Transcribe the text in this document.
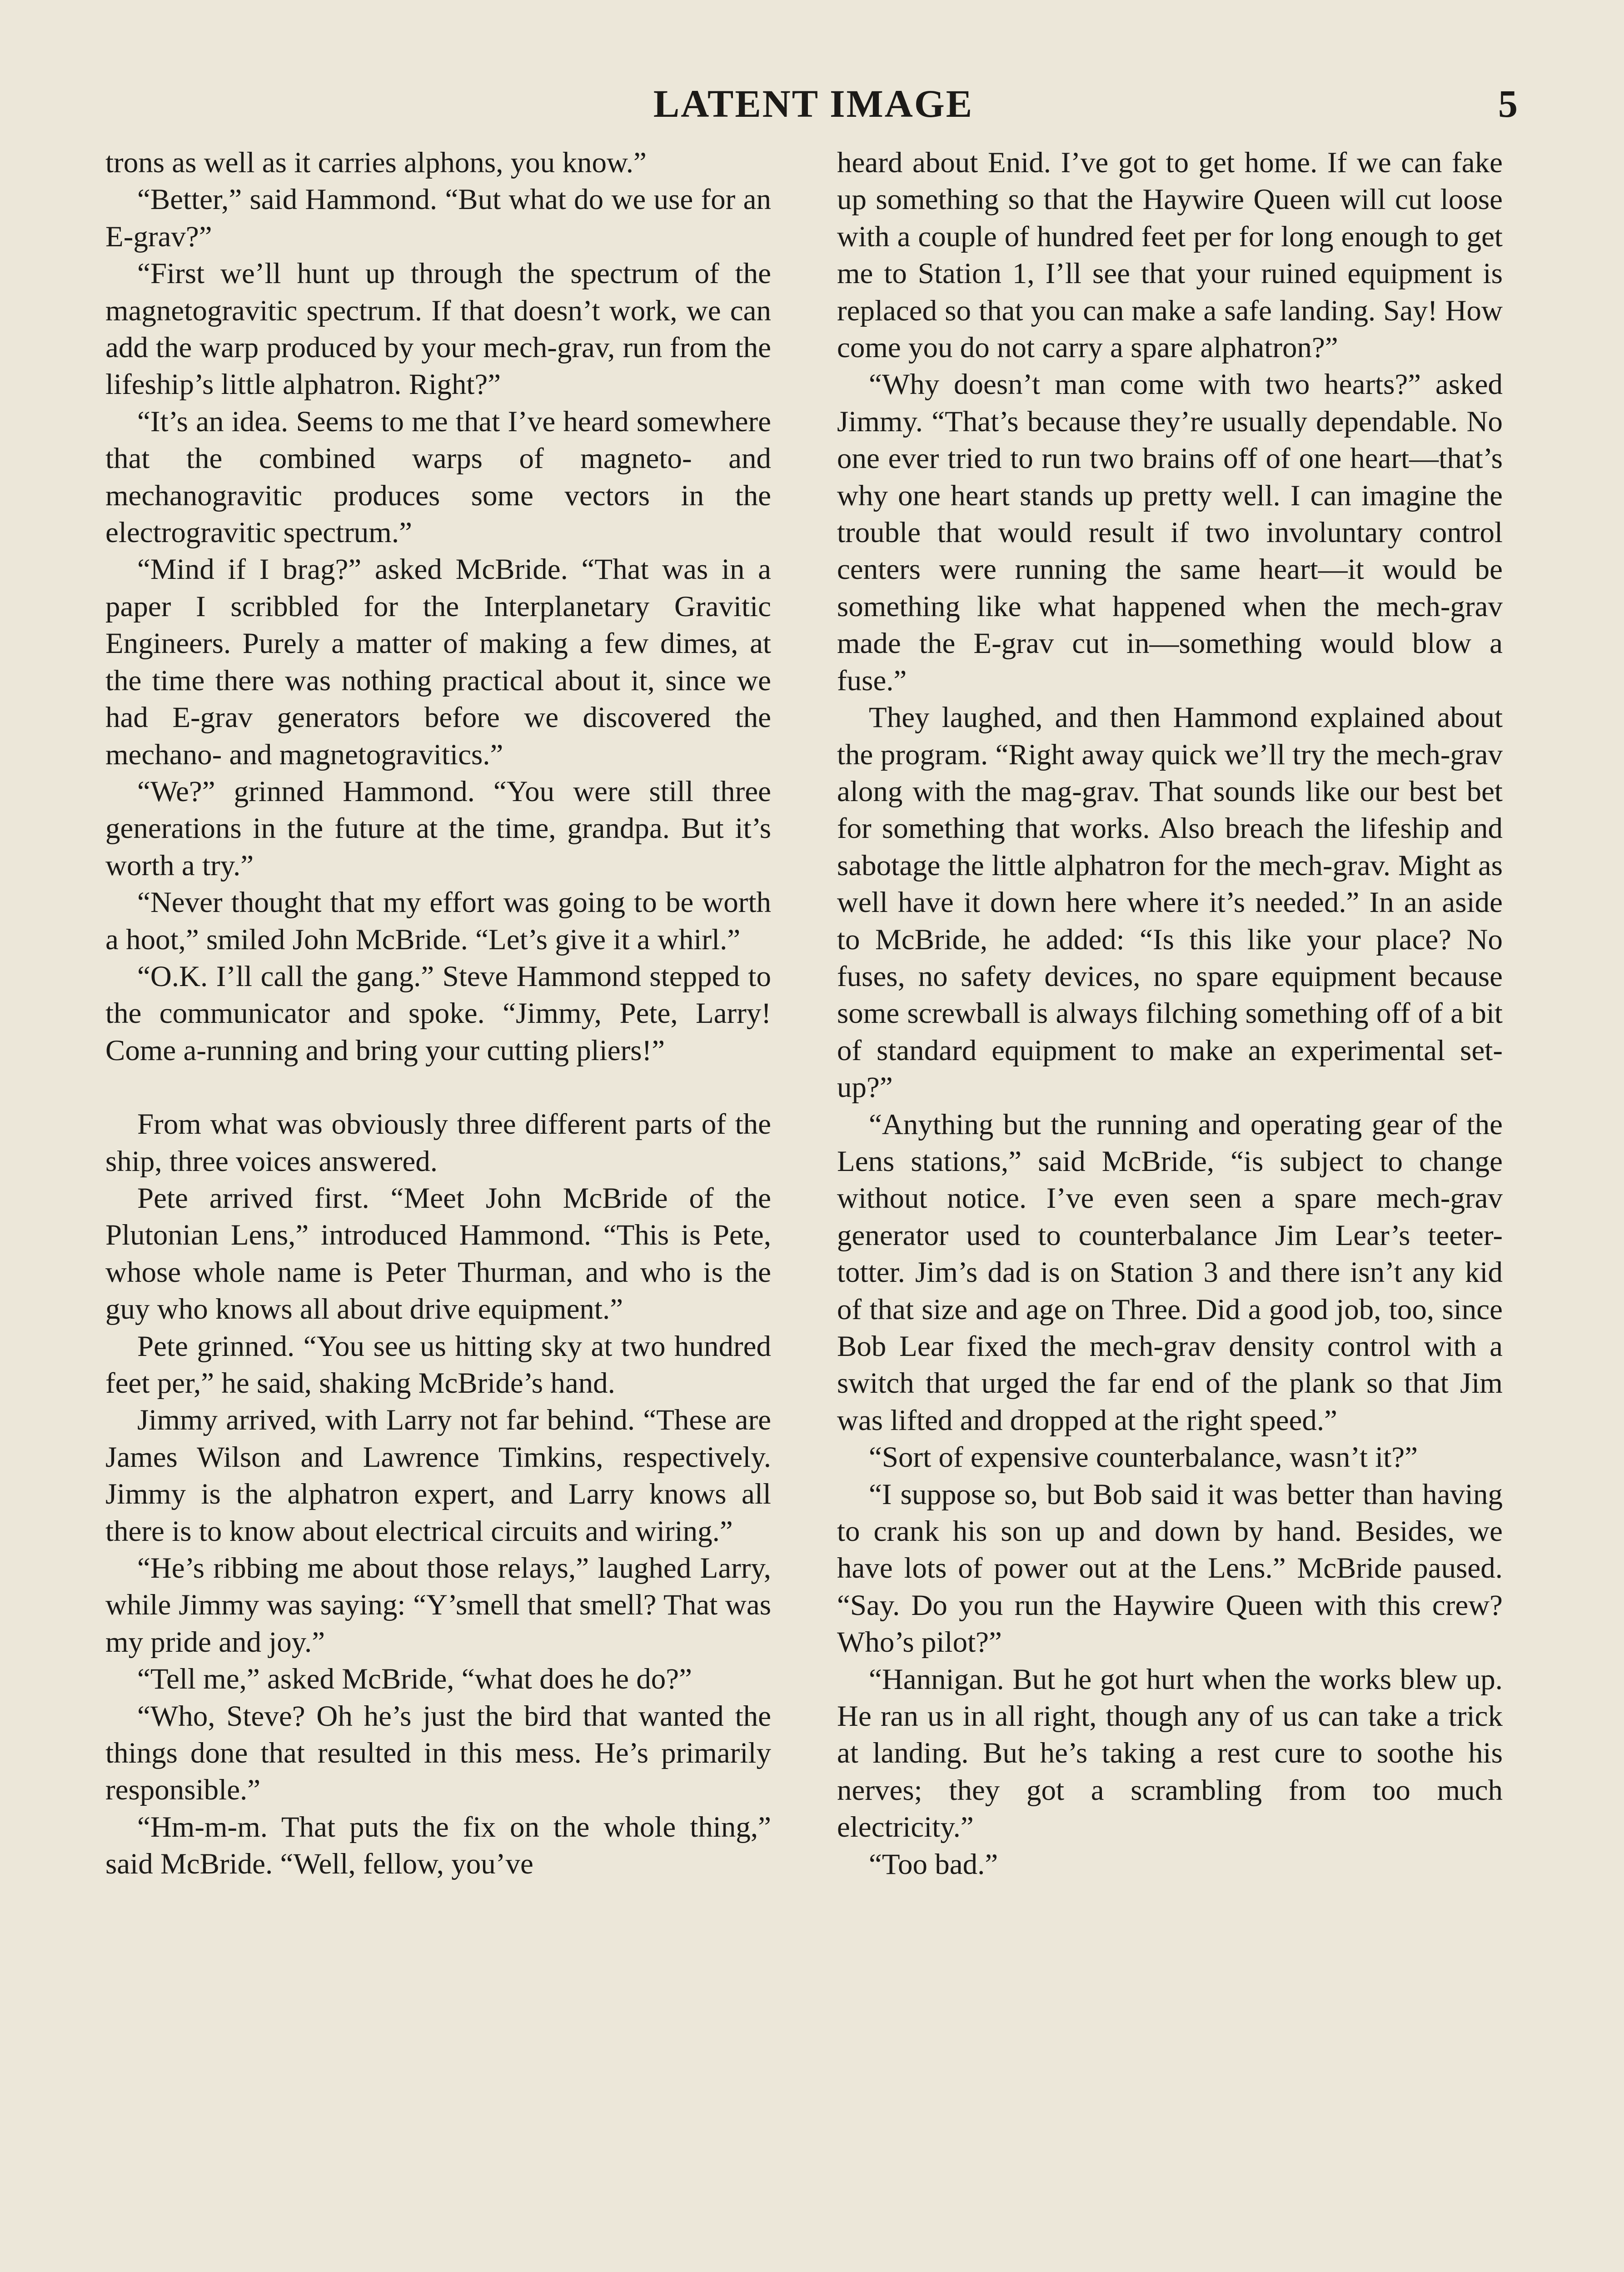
LATENT IMAGE	5

trons as well as it carries alphons, you know.”

“Better,” said Hammond. “But what do we use for an E-grav?”

“First we’ll hunt up through the spectrum of the magnetogravitic spectrum. If that doesn’t work, we can add the warp produced by your mech-grav, run from the lifeship’s little alphatron. Right?”

“It’s an idea. Seems to me that I’ve heard somewhere that the combined warps of magneto- and mechanogravitic produces some vectors in the electrogravitic spectrum.”

“Mind if I brag?” asked McBride. “That was in a paper I scribbled for the Interplanetary Gravitic Engineers. Purely a matter of making a few dimes, at the time there was nothing practical about it, since we had E-grav generators before we discovered the mechano- and magnetogravitics.”

“We?” grinned Hammond. “You were still three generations in the future at the time, grandpa. But it’s worth a try.”

“Never thought that my effort was going to be worth a hoot,” smiled John McBride. “Let’s give it a whirl.”

“O.K. I’ll call the gang.” Steve Hammond stepped to the communicator and spoke. “Jimmy, Pete, Larry! Come a-running and bring your cutting pliers!”

From what was obviously three different parts of the ship, three voices answered.

Pete arrived first. “Meet John McBride of the Plutonian Lens,” introduced Hammond. “This is Pete, whose whole name is Peter Thurman, and who is the guy who knows all about drive equipment.”

Pete grinned. “You see us hitting sky at two hundred feet per,” he said, shaking McBride’s hand.

Jimmy arrived, with Larry not far behind. “These are James Wilson and Lawrence Timkins, respectively. Jimmy is the alphatron expert, and Larry knows all there is to know about electrical circuits and wiring.”

“He’s ribbing me about those relays,” laughed Larry, while Jimmy was saying: “Y’smell that smell? That was my pride and joy.”

“Tell me,” asked McBride, “what does he do?”

“Who, Steve? Oh he’s just the bird that wanted the things done that resulted in this mess. He’s primarily responsible.”

“Hm-m-m. That puts the fix on the whole thing,” said McBride. “Well, fellow, you’ve

heard about Enid. I’ve got to get home. If we can fake up something so that the Haywire Queen will cut loose with a couple of hundred feet per for long enough to get me to Station 1, I’ll see that your ruined equipment is replaced so that you can make a safe landing. Say! How come you do not carry a spare alphatron?”

“Why doesn’t man come with two hearts?” asked Jimmy. “That’s because they’re usually dependable. No one ever tried to run two brains off of one heart—that’s why one heart stands up pretty well. I can imagine the trouble that would result if two involuntary control centers were running the same heart—it would be something like what happened when the mech-grav made the E-grav cut in—something would blow a fuse.”

They laughed, and then Hammond explained about the program. “Right away quick we’ll try the mech-grav along with the mag-grav. That sounds like our best bet for something that works. Also breach the lifeship and sabotage the little alphatron for the mech-grav. Might as well have it down here where it’s needed.” In an aside to McBride, he added: “Is this like your place? No fuses, no safety devices, no spare equipment because some screwball is always filching something off of a bit of standard equipment to make an experimental set-up?”

“Anything but the running and operating gear of the Lens stations,” said McBride, “is subject to change without notice. I’ve even seen a spare mech-grav generator used to counterbalance Jim Lear’s teeter-totter. Jim’s dad is on Station 3 and there isn’t any kid of that size and age on Three. Did a good job, too, since Bob Lear fixed the mech-grav density control with a switch that urged the far end of the plank so that Jim was lifted and dropped at the right speed.”

“Sort of expensive counterbalance, wasn’t it?”

“I suppose so, but Bob said it was better than having to crank his son up and down by hand. Besides, we have lots of power out at the Lens.” McBride paused. “Say. Do you run the Haywire Queen with this crew? Who’s pilot?”

“Hannigan. But he got hurt when the works blew up. He ran us in all right, though any of us can take a trick at landing. But he’s taking a rest cure to soothe his nerves; they got a scrambling from too much electricity.”

“Too bad.”
